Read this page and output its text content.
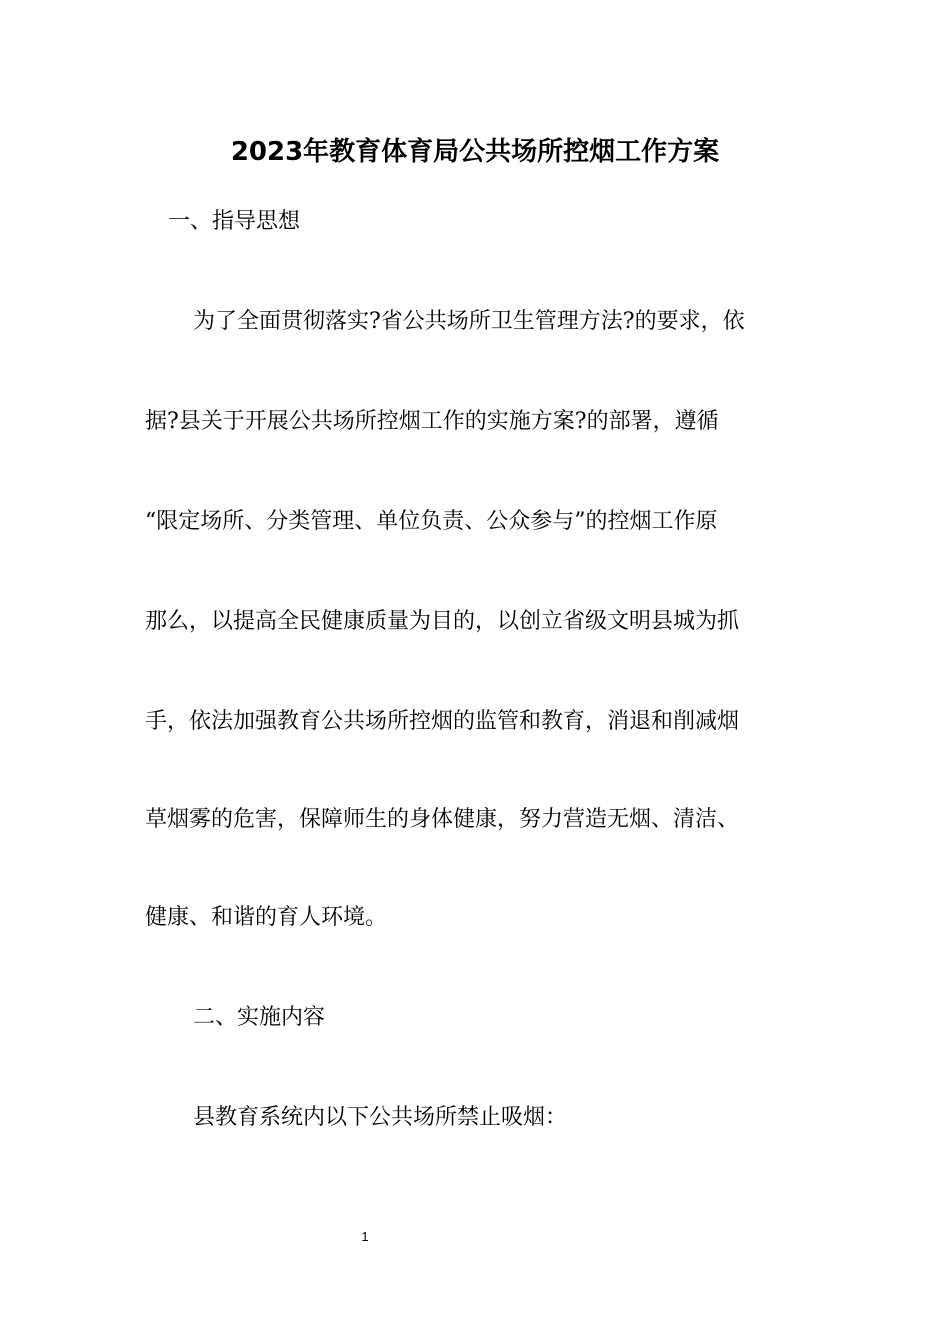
2023年教育体育局公共场所控烟工作方案
一、指导思想
为了全面贯彻落实?省公共场所卫生管理方法?的要求，依
据?县关于开展公共场所控烟工作的实施方案?的部署，遵循
“限定场所、分类管理、单位负责、公众参与”的控烟工作原
那么，以提高全民健康质量为目的，以创立省级文明县城为抓
手，依法加强教育公共场所控烟的监管和教育，消退和削减烟
草烟雾的危害，保障师生的身体健康，努力营造无烟、清洁、
健康、和谐的育人环境。
二、实施内容
县教育系统内以下公共场所禁止吸烟：
1
